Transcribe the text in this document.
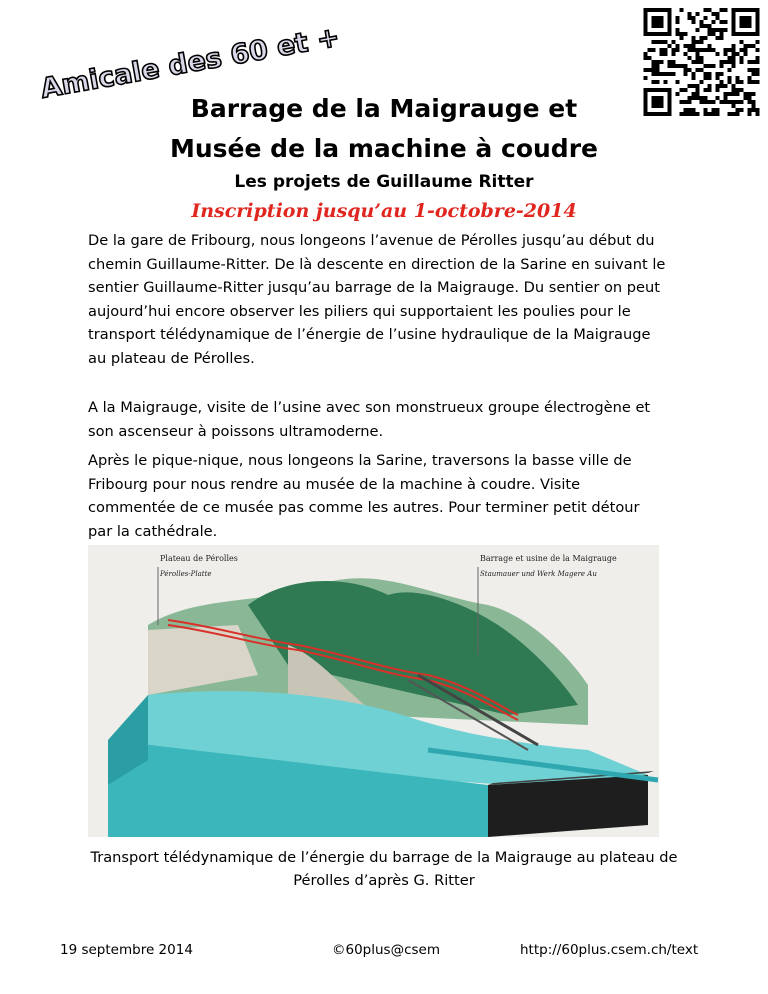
Amicale des 60 et +
Barrage de la Maigrauge et
Musée de la machine à coudre
Les projets de Guillaume Ritter
Inscription jusqu’au 1-octobre-2014
De la gare de Fribourg, nous longeons l’avenue de Pérolles jusqu’au début du chemin Guillaume-Ritter. De là descente en direction de la Sarine en suivant le sentier Guillaume-Ritter jusqu’au barrage de la Maigrauge. Du sentier on peut aujourd’hui encore observer les piliers qui supportaient les poulies pour le transport télédynamique de l’énergie de l’usine hydraulique de la Maigrauge au plateau de Pérolles.
A la Maigrauge, visite de l’usine avec son monstrueux groupe électrogène et son ascenseur à poissons ultramoderne.
Après le pique-nique, nous longeons la Sarine, traversons la basse ville de Fribourg pour nous rendre au musée de la machine à coudre. Visite commentée de ce musée pas comme les autres. Pour terminer petit détour par la cathédrale.
Plateau de Pérolles
Pérolles-Platte
Barrage et usine de la Maigrauge
Staumauer und Werk Magere Au
Transport télédynamique de l’énergie du barrage de la Maigrauge au plateau de Pérolles d’après G. Ritter
19 septembre 2014	©60plus@csem	http://60plus.csem.ch/text
